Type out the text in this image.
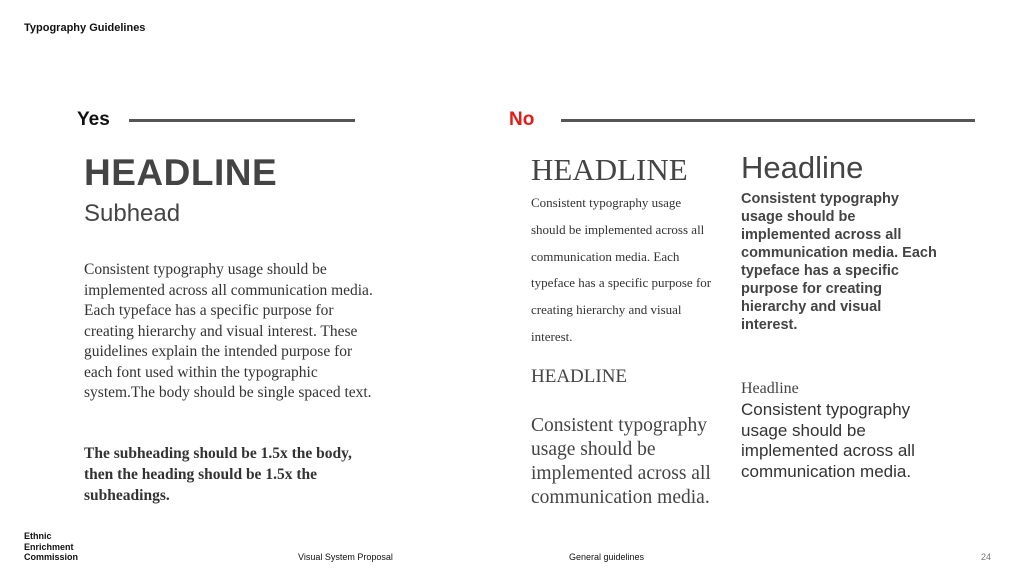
Typography Guidelines
Yes	No
HEADLINE
Subhead
Consistent typography usage should be implemented across all communication media. Each typeface has a specific purpose for creating hierarchy and visual interest. These guidelines explain the intended purpose for each font used within the typographic system.The body should be single spaced text.
The subheading should be 1.5x the body, then the heading should be 1.5x the subheadings.
HEADLINE
Consistent typography usage should be implemented across all communication media. Each typeface has a specific purpose for creating hierarchy and visual interest.
HEADLINE
Consistent typography usage should be implemented across all communication media.
Headline
Consistent typography usage should be implemented across all communication media. Each typeface has a specific purpose for creating hierarchy and visual interest.
Headline
Consistent typography usage should be implemented across all communication media.
Ethnic Enrichment Commission	Visual System Proposal	General guidelines	24
